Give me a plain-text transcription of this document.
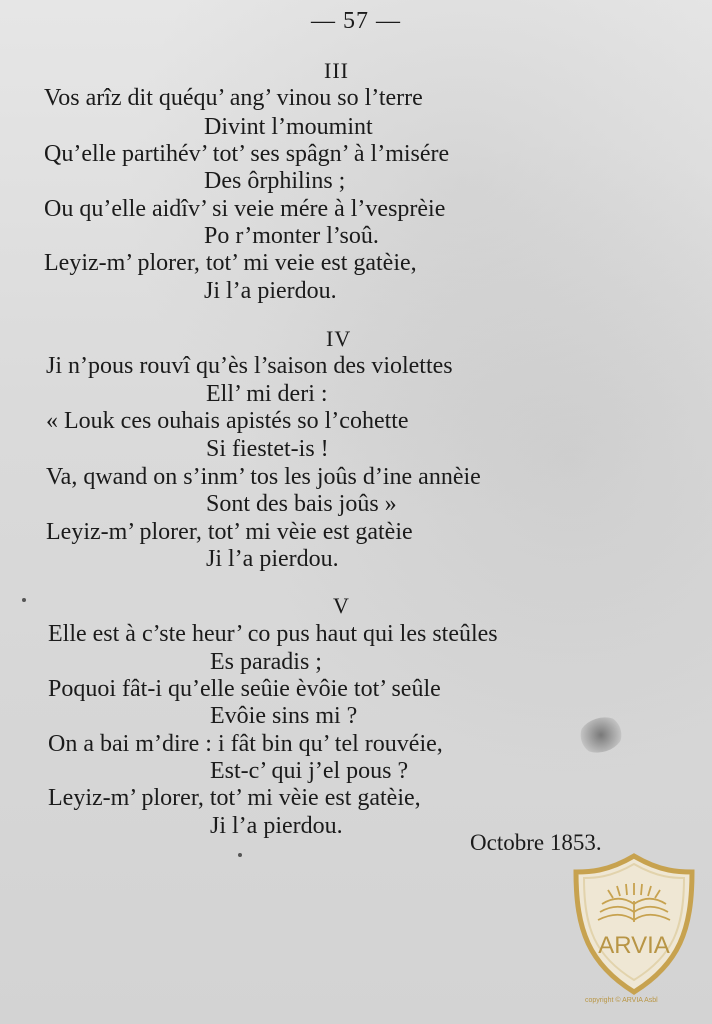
— 57 —
III
Vos arîz dit quéqu’ ang’ vinou so l’terre
Divint l’moumint
Qu’elle partihév’ tot’ ses spâgn’ à l’misére
Des ôrphilins ;
Ou qu’elle aidîv’ si veie mére à l’vesprèie
Po r’monter l’soû.
Leyiz-m’ plorer, tot’ mi veie est gatèie,
Ji l’a pierdou.
IV
Ji n’pous rouvî qu’ès l’saison des violettes
Ell’ mi deri :
« Louk ces ouhais apistés so l’cohette
Si fiestet-is !
Va, qwand on s’inm’ tos les joûs d’ine annèie
Sont des bais joûs »
Leyiz-m’ plorer, tot’ mi vèie est gatèie
Ji l’a pierdou.
V
Elle est à c’ste heur’ co pus haut qui les steûles
Es paradis ;
Poquoi fât-i qu’elle seûie èvôie tot’ seûle
Evôie sins mi ?
On a bai m’dire : i fât bin qu’ tel rouvéie,
Est-c’ qui j’el pous ?
Leyiz-m’ plorer, tot’ mi vèie est gatèie,
Ji l’a pierdou.
Octobre 1853.
ARVIA
copyright © ARVIA Asbl
